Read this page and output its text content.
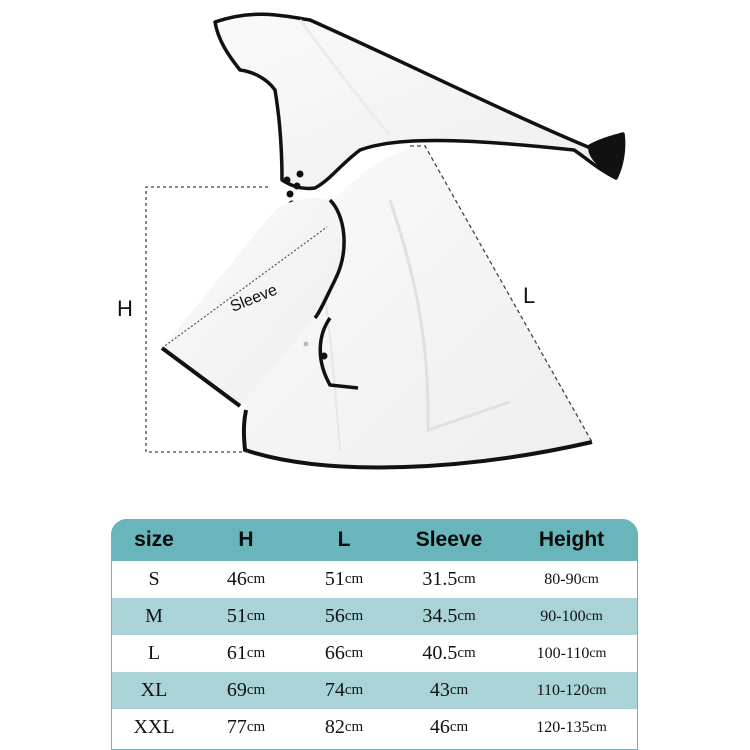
H
L
Sleeve
size	H	L	Sleeve	Height
S	46 cm	51 cm	31.5 cm	80-90 cm
M	51 cm	56 cm	34.5 cm	90-100 cm
L	61 cm	66 cm	40.5 cm	100-110 cm
XL	69 cm	74 cm	43 cm	110-120 cm
XXL	77 cm	82 cm	46 cm	120-135 cm
